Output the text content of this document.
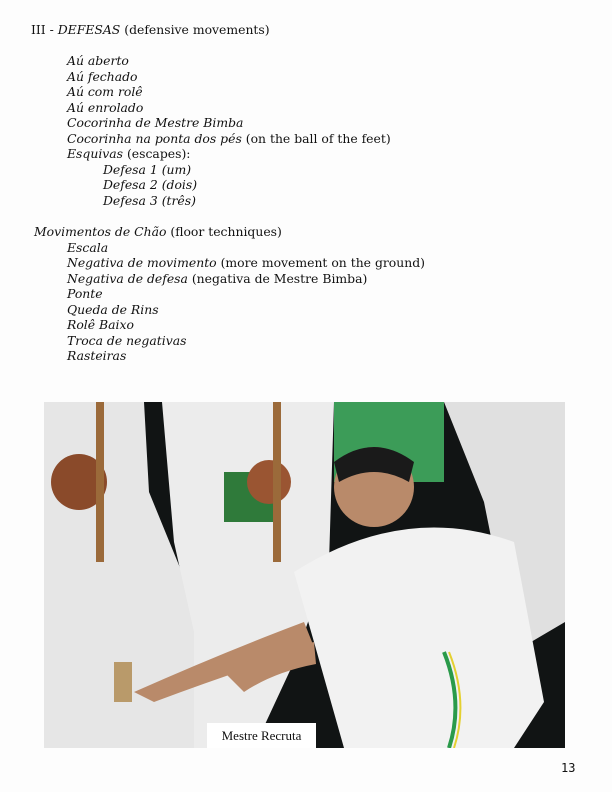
III - DEFESAS (defensive movements)
Aú aberto
Aú fechado
Aú com rolê
Aú enrolado
Cocorinha de Mestre Bimba
Cocorinha na ponta dos pés (on the ball of the feet)
Esquivas (escapes):
Defesa 1 (um)
Defesa 2 (dois)
Defesa 3 (três)
Movimentos de Chão (floor techniques)
Escala
Negativa de movimento (more movement on the ground)
Negativa de defesa (negativa de Mestre Bimba)
Ponte
Queda de Rins
Rolê Baixo
Troca de negativas
Rasteiras
Mestre Recruta
13
